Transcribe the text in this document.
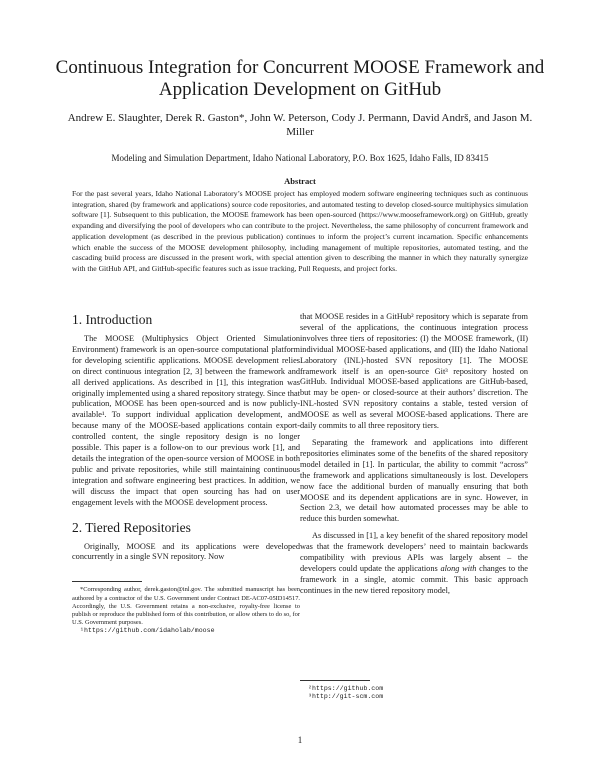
Continuous Integration for Concurrent MOOSE Framework and Application Development on GitHub
Andrew E. Slaughter, Derek R. Gaston*, John W. Peterson, Cody J. Permann, David Andrš, and Jason M. Miller
Modeling and Simulation Department, Idaho National Laboratory, P.O. Box 1625, Idaho Falls, ID 83415
Abstract
For the past several years, Idaho National Laboratory’s MOOSE project has employed modern software engineering techniques such as continuous integration, shared (by framework and applications) source code repositories, and automated testing to develop closed-source multiphysics simulation software [1]. Subsequent to this publication, the MOOSE framework has been open-sourced (https://www.mooseframework.org) on GitHub, greatly expanding and diversifying the pool of developers who can contribute to the project. Nevertheless, the same philosophy of concurrent framework and application development (as described in the previous publication) continues to inform the project’s current incarnation. Specific enhancements which enable the success of the MOOSE development philosophy, including management of multiple repositories, automated testing, and the cascading build process are discussed in the present work, with special attention given to describing the manner in which they naturally synergize with the GitHub API, and GitHub-specific features such as issue tracking, Pull Requests, and project forks.
1. Introduction

The MOOSE (Multiphysics Object Oriented Simulation Environment) framework is an open-source computational platform for developing scientific applications. MOOSE development relies on direct continuous integration [2, 3] between the framework and all derived applications. As described in [1], this integration was originally implemented using a shared repository strategy. Since that publication, MOOSE has been open-sourced and is now publicly-available¹. To support individual application development, and because many of the MOOSE-based applications contain export-controlled content, the single repository design is no longer possible. This paper is a follow-on to our previous work [1], and details the integration of the open-source version of MOOSE in both public and private repositories, while still maintaining continuous integration and software engineering best practices. In addition, we will discuss the impact that open sourcing has had on user engagement levels with the MOOSE development process.

2. Tiered Repositories

Originally, MOOSE and its applications were developed concurrently in a single SVN repository. Now

*Corresponding author, derek.gaston@inl.gov. The submitted manuscript has been authored by a contractor of the U.S. Government under Contract DE-AC07-05ID14517. Accordingly, the U.S. Government retains a non-exclusive, royalty-free license to publish or reproduce the published form of this contribution, or allow others to do so, for U.S. Government purposes.
¹https://github.com/idaholab/moose

that MOOSE resides in a GitHub² repository which is separate from several of the applications, the continuous integration process involves three tiers of repositories: (I) the MOOSE framework, (II) individual MOOSE-based applications, and (III) the Idaho National Laboratory (INL)-hosted SVN repository [1]. The MOOSE framework itself is an open-source Git³ repository hosted on GitHub. Individual MOOSE-based applications are GitHub-based, but may be open- or closed-source at their authors’ discretion. The INL-hosted SVN repository contains a stable, tested version of MOOSE as well as several MOOSE-based applications. There are daily commits to all three repository tiers.

Separating the framework and applications into different repositories eliminates some of the benefits of the shared repository model detailed in [1]. In particular, the ability to commit “across” the framework and applications simultaneously is lost. Developers now face the additional burden of manually ensuring that both MOOSE and its dependent applications are in sync. However, in Section 2.3, we detail how automated processes may be able to reduce this burden somewhat.

As discussed in [1], a key benefit of the shared repository model was that the framework developers’ need to maintain backwards compatibility with previous APIs was largely absent – the developers could update the applications along with changes to the framework in a single, atomic commit. This basic approach continues in the new tiered repository model,

²https://github.com
³http://git-scm.com
1
